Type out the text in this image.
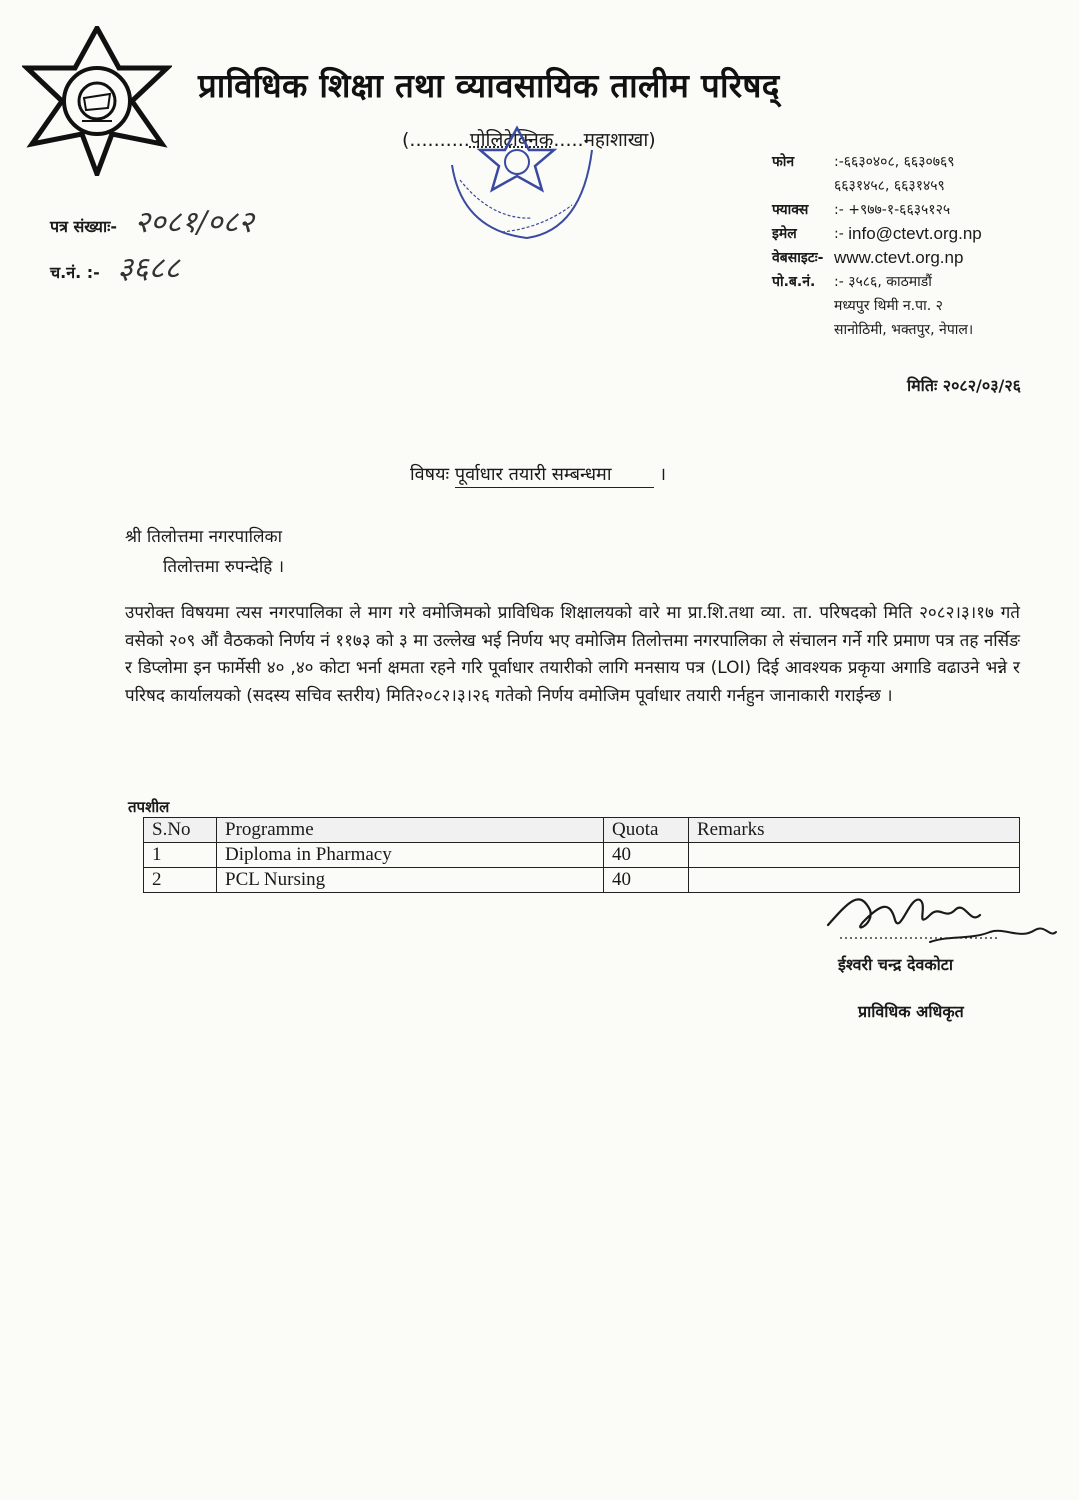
प्राविधिक शिक्षा तथा व्यावसायिक तालीम परिषद्
(..........पोलिटेक्निक.....महाशाखा)
पत्र संख्याः- २०८१/०८२
च.नं. :- ३६८८
फोन	:-६६३०४०८, ६६३०७६९
६६३१४५८, ६६३१४५९
फ्याक्स	:- +९७७-१-६६३५१२५
इमेल	:-
info@ctevt.org.np
वेबसाइटः- www.ctevt.org.np
पो.ब.नं.	:- ३५८६, काठमाडौं
मध्यपुर थिमी न.पा. २
सानोठिमी, भक्तपुर, नेपाल।
मितिः २०८२/०३/२६
विषयः पूर्वाधार तयारी सम्बन्धमा	।
श्री तिलोत्तमा नगरपालिका
तिलोत्तमा रुपन्देहि ।
उपरोक्त विषयमा त्यस नगरपालिका ले माग गरे वमोजिमको प्राविधिक शिक्षालयको वारे मा प्रा.शि.तथा व्या. ता. परिषदको मिति २०८२।३।१७ गते वसेको २०९ औं वैठकको निर्णय नं ११७३ को ३ मा उल्लेख भई निर्णय भए वमोजिम तिलोत्तमा नगरपालिका ले संचालन गर्ने गरि प्रमाण पत्र तह नर्सिङ र डिप्लोमा इन फार्मेसी ४० ,४० कोटा भर्ना क्षमता रहने गरि पूर्वाधार तयारीको लागि मनसाय पत्र (LOI) दिई आवश्यक प्रकृया अगाडि वढाउने भन्ने र परिषद कार्यालयको (सदस्य सचिव स्तरीय) मिति२०८२।३।२६ गतेको निर्णय वमोजिम पूर्वाधार तयारी गर्नहुन जानाकारी गराईन्छ ।
तपशील
S.No	Programme	Quota	Remarks
1	Diploma in Pharmacy	40	
2	PCL Nursing	40	
ईश्वरी चन्द्र देवकोटा
प्राविधिक अधिकृत
